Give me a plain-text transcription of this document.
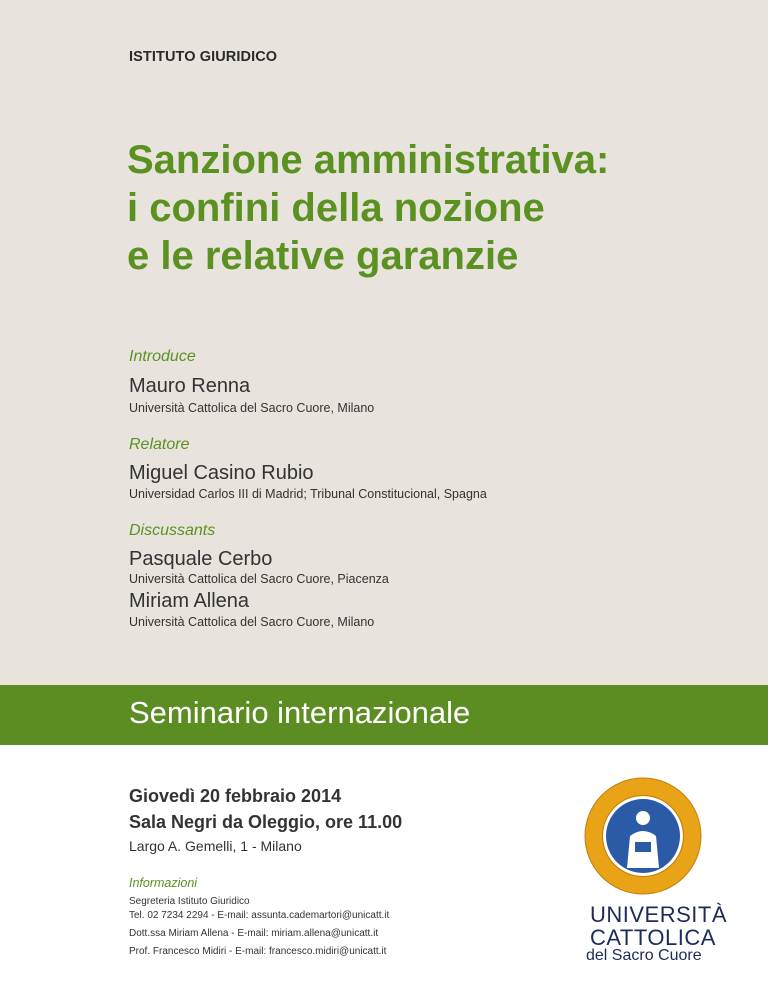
ISTITUTO GIURIDICO
Sanzione amministrativa:
i confini della nozione
e le relative garanzie
Introduce
Mauro Renna
Università Cattolica del Sacro Cuore, Milano
Relatore
Miguel Casino Rubio
Universidad Carlos III di Madrid; Tribunal Constitucional, Spagna
Discussants
Pasquale Cerbo
Università Cattolica del Sacro Cuore, Piacenza
Miriam Allena
Università Cattolica del Sacro Cuore, Milano
Seminario internazionale
Giovedì 20 febbraio 2014
Sala Negri da Oleggio, ore 11.00
Largo A. Gemelli, 1 - Milano
Informazioni
Segreteria Istituto Giuridico
Tel. 02 7234 2294 - E-mail: assunta.cademartori@unicatt.it
Dott.ssa Miriam Allena - E-mail: miriam.allena@unicatt.it
Prof. Francesco Midiri - E-mail: francesco.midiri@unicatt.it
UNIVERSITÀ
CATTOLICA
del Sacro Cuore
